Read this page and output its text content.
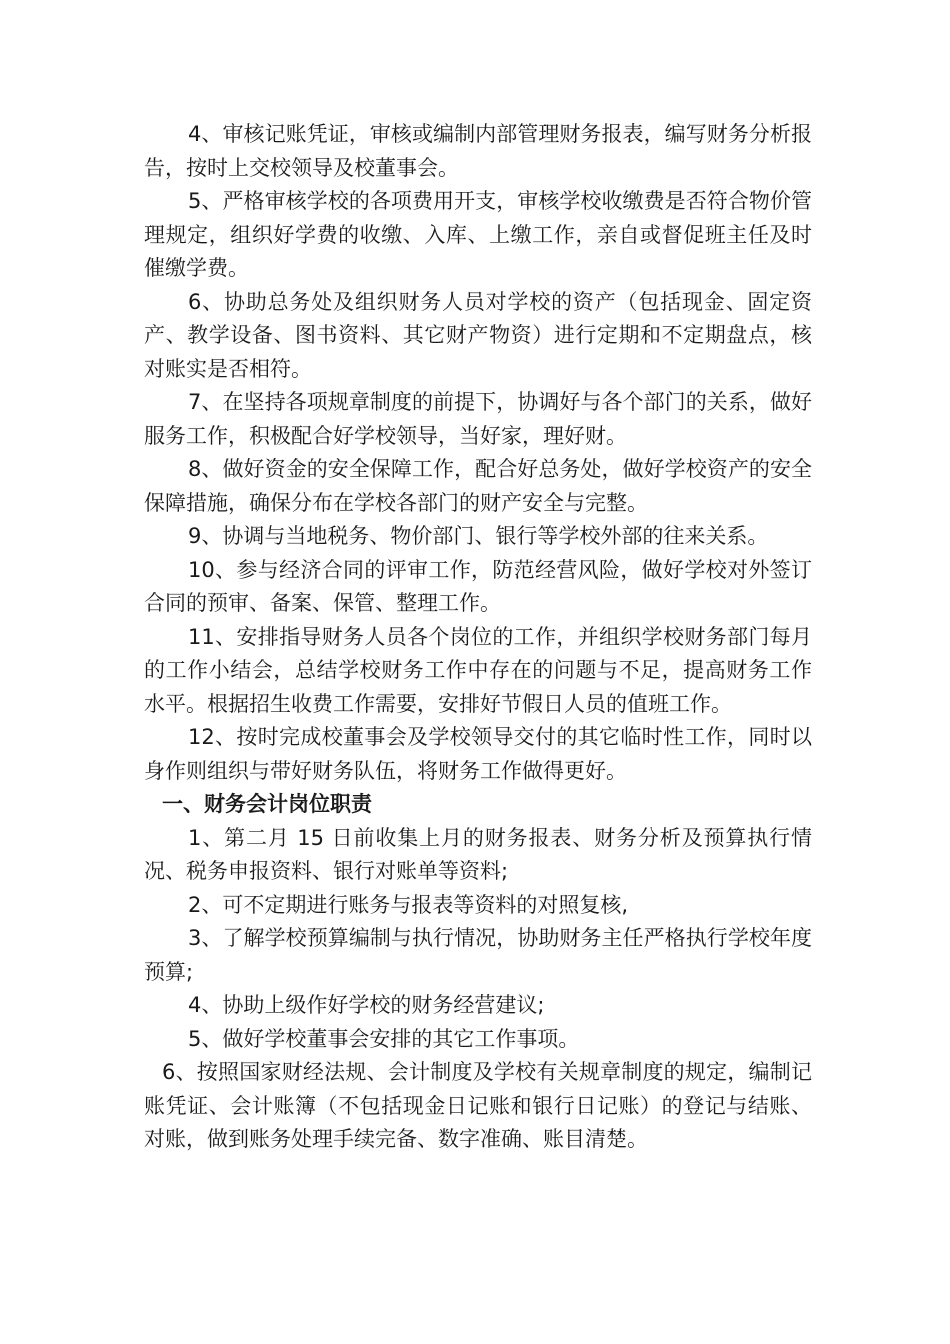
4、审核记账凭证，审核或编制内部管理财务报表，编写财务分析报告，按时上交校领导及校董事会。

5、严格审核学校的各项费用开支，审核学校收缴费是否符合物价管理规定，组织好学费的收缴、入库、上缴工作，亲自或督促班主任及时催缴学费。

6、协助总务处及组织财务人员对学校的资产（包括现金、固定资产、教学设备、图书资料、其它财产物资）进行定期和不定期盘点，核对账实是否相符。

7、在坚持各项规章制度的前提下，协调好与各个部门的关系，做好服务工作，积极配合好学校领导，当好家，理好财。

8、做好资金的安全保障工作，配合好总务处，做好学校资产的安全保障措施，确保分布在学校各部门的财产安全与完整。

9、协调与当地税务、物价部门、银行等学校外部的往来关系。

10、参与经济合同的评审工作，防范经营风险，做好学校对外签订合同的预审、备案、保管、整理工作。

11、安排指导财务人员各个岗位的工作，并组织学校财务部门每月的工作小结会，总结学校财务工作中存在的问题与不足，提高财务工作水平。根据招生收费工作需要，安排好节假日人员的值班工作。

12、按时完成校董事会及学校领导交付的其它临时性工作，同时以身作则组织与带好财务队伍，将财务工作做得更好。

一、财务会计岗位职责

1、第二月 15 日前收集上月的财务报表、财务分析及预算执行情况、税务申报资料、银行对账单等资料;

2、可不定期进行账务与报表等资料的对照复核,

3、了解学校预算编制与执行情况，协助财务主任严格执行学校年度预算;

4、协助上级作好学校的财务经营建议;

5、做好学校董事会安排的其它工作事项。

6、按照国家财经法规、会计制度及学校有关规章制度的规定，编制记账凭证、会计账簿（不包括现金日记账和银行日记账）的登记与结账、对账，做到账务处理手续完备、数字准确、账目清楚。
